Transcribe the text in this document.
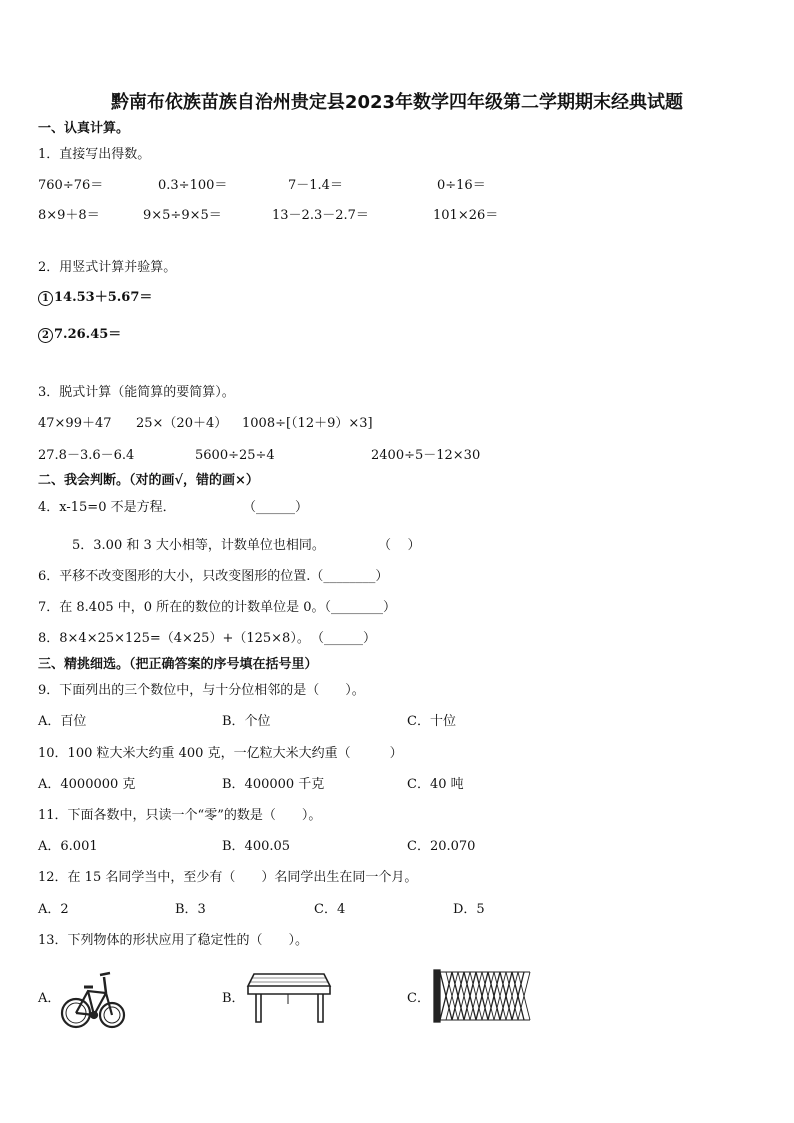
黔南布依族苗族自治州贵定县2023年数学四年级第二学期期末经典试题
一、认真计算。
1．直接写出得数。
760÷76＝	0.3÷100＝	7－1.4＝	0÷16＝
8×9＋8＝	9×5÷9×5＝	13－2.3－2.7＝	101×26＝
2．用竖式计算并验算。
1 14.53＋5.67＝
2 7.26.45＝
3．脱式计算（能简算的要简算）。
47×99＋47 25×（20＋4） 1008÷[（12＋9）×3]
27.8－3.6－6.4	5600÷25÷4	2400÷5－12×30
二、我会判断。（对的画√，错的画×）
4．x-15=0 不是方程．	（______）
5．3.00 和 3 大小相等，计数单位也相同。	（    ）
6．平移不改变图形的大小，只改变图形的位置.（________）
7．在 8.405 中，0 所在的数位的计数单位是 0。（________）
8．8×4×25×125=（4×25）+（125×8）。 （______）
三、精挑细选。（把正确答案的序号填在括号里）
9．下面列出的三个数位中，与十分位相邻的是（　　）。
A．百位	B．个位	C．十位
10．100 粒大米大约重 400 克，一亿粒大米大约重（　　　）
A．4000000 克	B．400000 千克	C．40 吨
11．下面各数中，只读一个“零”的数是（　　）。
A．6.001	B．400.05	C．20.070
12．在 15 名同学当中，至少有（　　）名同学出生在同一个月。
A．2	B．3	C．4	D．5
13．下列物体的形状应用了稳定性的（　　）。
A．	B．	C．
